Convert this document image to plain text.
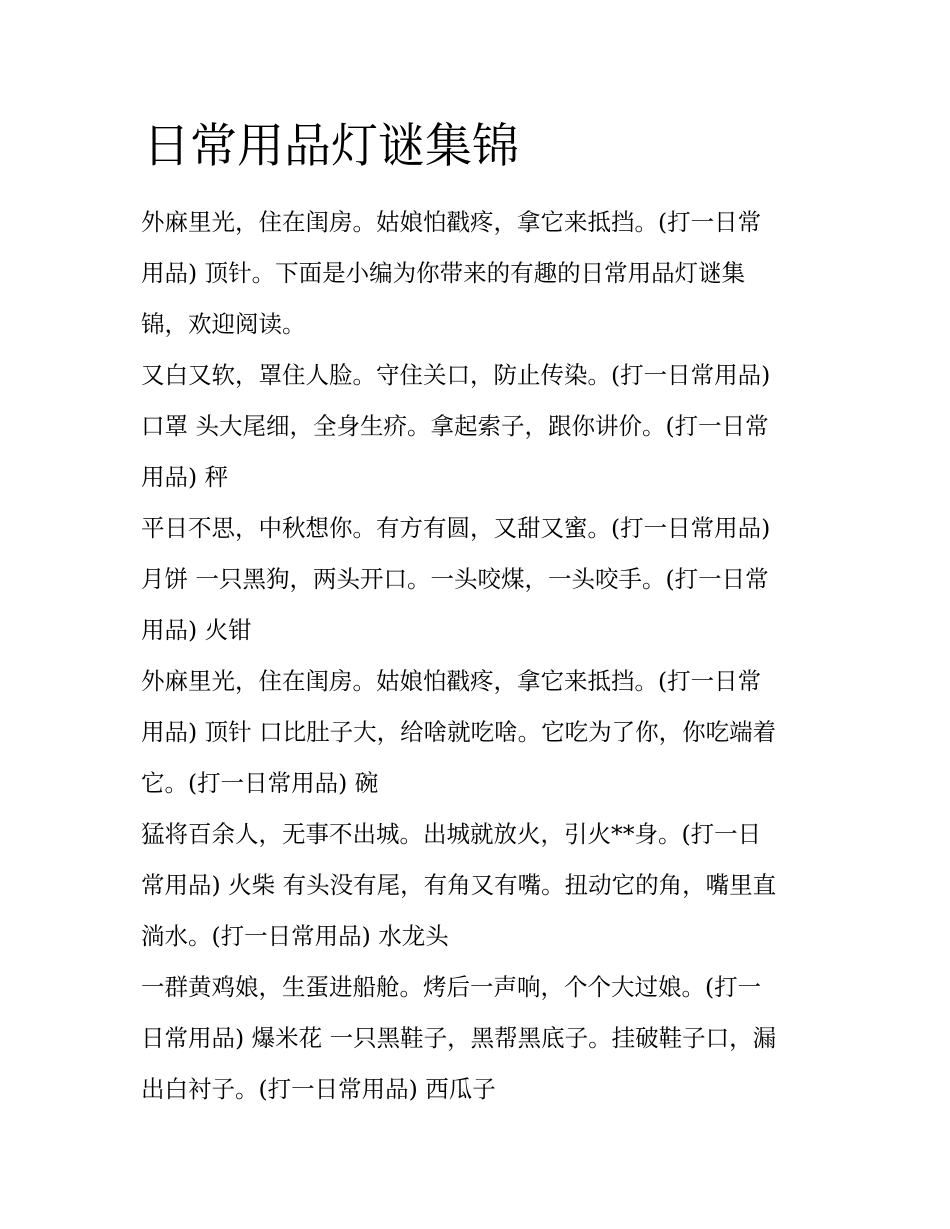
日常用品灯谜集锦

外麻里光，住在闺房。姑娘怕戳疼，拿它来抵挡。(打一日常
用品) 顶针。下面是小编为你带来的有趣的日常用品灯谜集
锦，欢迎阅读。

又白又软，罩住人脸。守住关口，防止传染。(打一日常用品)
口罩 头大尾细，全身生疥。拿起索子，跟你讲价。(打一日常
用品) 秤

平日不思，中秋想你。有方有圆，又甜又蜜。(打一日常用品)
月饼 一只黑狗，两头开口。一头咬煤，一头咬手。(打一日常
用品) 火钳

外麻里光，住在闺房。姑娘怕戳疼，拿它来抵挡。(打一日常
用品) 顶针 口比肚子大，给啥就吃啥。它吃为了你，你吃端着
它。(打一日常用品) 碗

猛将百余人，无事不出城。出城就放火，引火**身。(打一日
常用品) 火柴 有头没有尾，有角又有嘴。扭动它的角，嘴里直
淌水。(打一日常用品) 水龙头

一群黄鸡娘，生蛋进船舱。烤后一声响，个个大过娘。(打一
日常用品) 爆米花 一只黑鞋子，黑帮黑底子。挂破鞋子口，漏
出白衬子。(打一日常用品) 西瓜子
